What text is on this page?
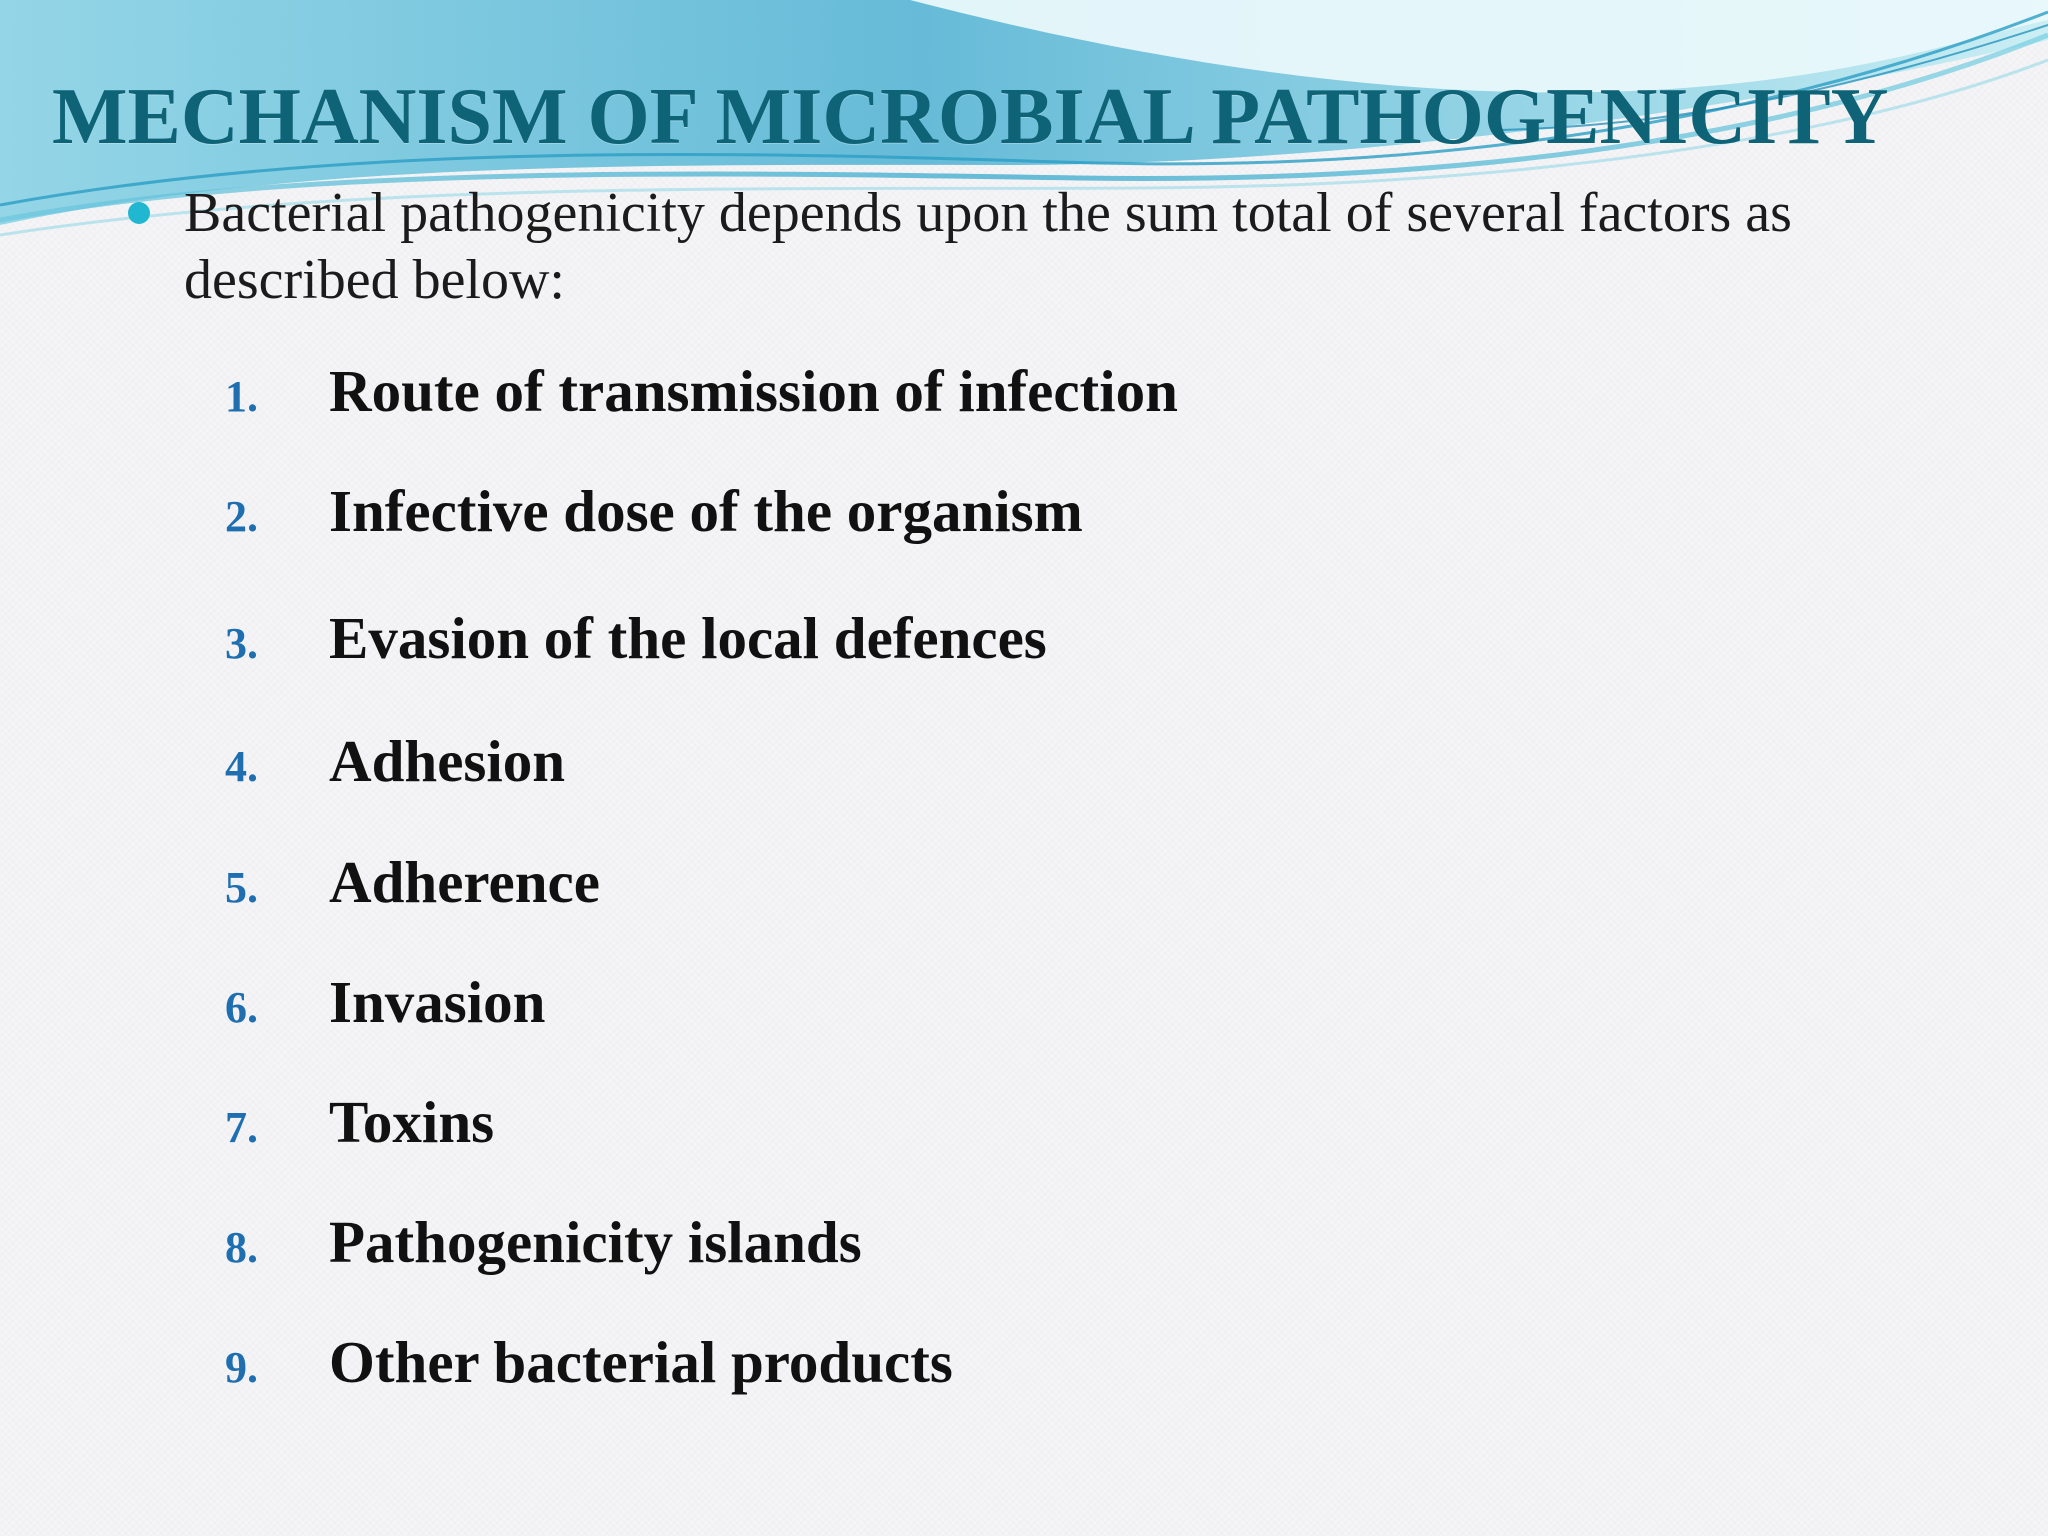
MECHANISM OF MICROBIAL PATHOGENICITY
Bacterial pathogenicity depends upon the sum total of several factors as described below:
1.	Route of transmission of infection
2.	Infective dose of the organism
3.	Evasion of the local defences
4.	Adhesion
5.	Adherence
6.	Invasion
7.	Toxins
8.	Pathogenicity islands
9.	Other bacterial products
